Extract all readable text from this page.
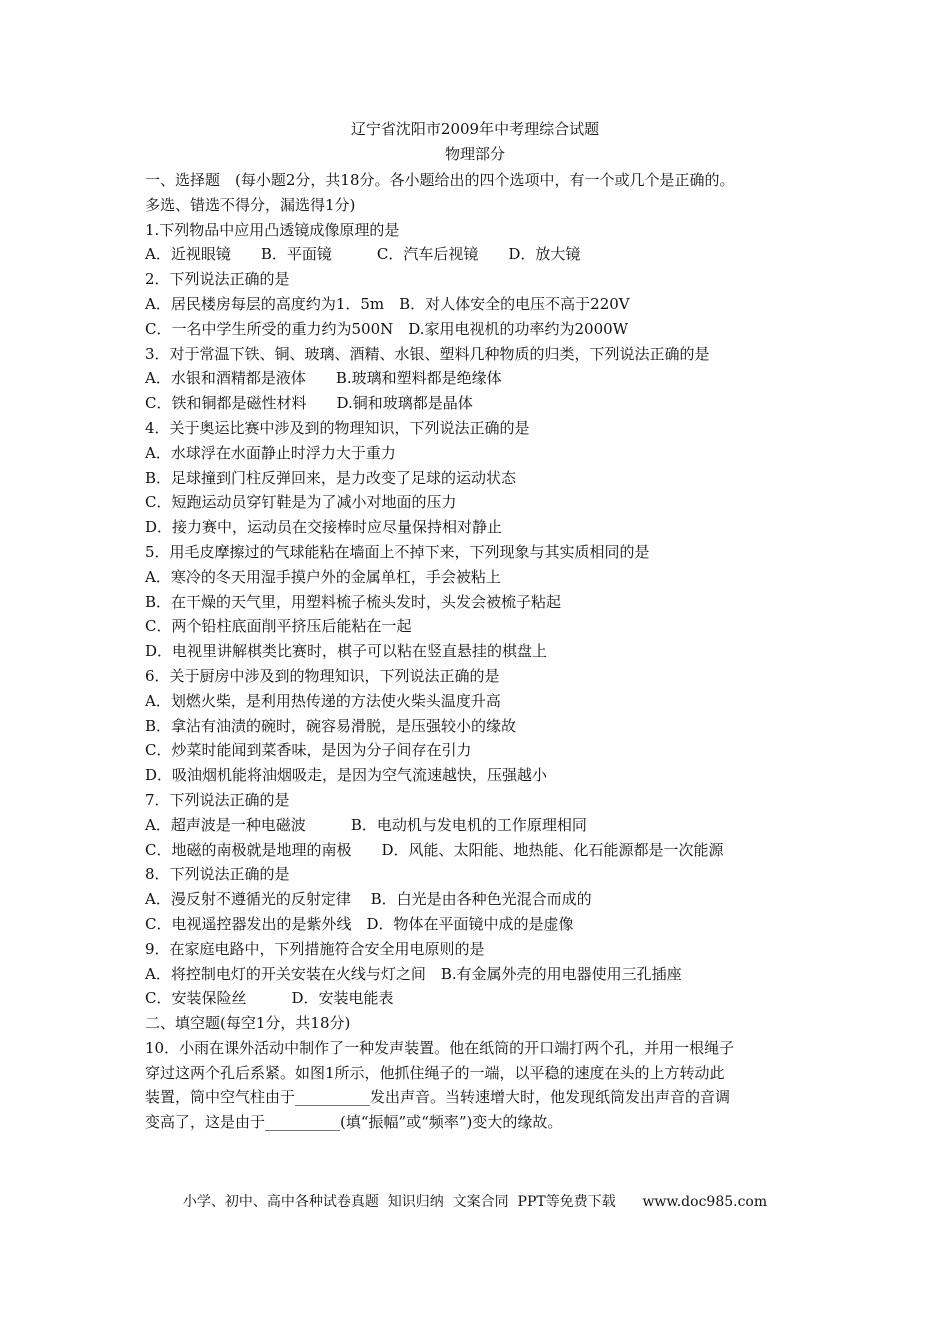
辽宁省沈阳市2009年中考理综合试题
物理部分
一、选择题　(每小题2分，共18分。各小题给出的四个选项中，有一个或几个是正确的。
多选、错选不得分，漏选得1分)
1.下列物品中应用凸透镜成像原理的是
A．近视眼镜　　B．平面镜　　　C．汽车后视镜　　D．放大镜
2．下列说法正确的是
A．居民楼房每层的高度约为1．5m　B．对人体安全的电压不高于220V
C．一名中学生所受的重力约为500N　D.家用电视机的功率约为2000W
3．对于常温下铁、铜、玻璃、酒精、水银、塑料几种物质的归类，下列说法正确的是
A．水银和酒精都是液体　　B.玻璃和塑料都是绝缘体
C．铁和铜都是磁性材料　　D.铜和玻璃都是晶体
4．关于奥运比赛中涉及到的物理知识，下列说法正确的是
A．水球浮在水面静止时浮力大于重力
B．足球撞到门柱反弹回来，是力改变了足球的运动状态
C．短跑运动员穿钉鞋是为了减小对地面的压力
D．接力赛中，运动员在交接棒时应尽量保持相对静止
5．用毛皮摩擦过的气球能粘在墙面上不掉下来，下列现象与其实质相同的是
A．寒冷的冬天用湿手摸户外的金属单杠，手会被粘上
B．在干燥的天气里，用塑料梳子梳头发时，头发会被梳子粘起
C．两个铅柱底面削平挤压后能粘在一起
D．电视里讲解棋类比赛时，棋子可以粘在竖直悬挂的棋盘上
6．关于厨房中涉及到的物理知识，下列说法正确的是
A．划燃火柴，是利用热传递的方法使火柴头温度升高
B．拿沾有油渍的碗时，碗容易滑脱，是压强较小的缘故
C．炒菜时能闻到菜香味，是因为分子间存在引力
D．吸油烟机能将油烟吸走，是因为空气流速越快，压强越小
7．下列说法正确的是
A．超声波是一种电磁波　　　B．电动机与发电机的工作原理相同
C．地磁的南极就是地理的南极　　D．风能、太阳能、地热能、化石能源都是一次能源
8．下列说法正确的是
A．漫反射不遵循光的反射定律　 B．白光是由各种色光混合而成的
C．电视遥控器发出的是紫外线　D．物体在平面镜中成的是虚像
9．在家庭电路中，下列措施符合安全用电原则的是
A．将控制电灯的开关安装在火线与灯之间　B.有金属外壳的用电器使用三孔插座
C．安装保险丝　　　D．安装电能表
二、填空题(每空1分，共18分)
10．小雨在课外活动中制作了一种发声装置。他在纸筒的开口端打两个孔，并用一根绳子
穿过这两个孔后系紧。如图1所示，他抓住绳子的一端，以平稳的速度在头的上方转动此
装置，筒中空气柱由于__________发出声音。当转速增大时，他发现纸筒发出声音的音调
变高了，这是由于__________(填“振幅”或“频率”)变大的缘故。
小学、初中、高中各种试卷真题  知识归纳  文案合同  PPT等免费下载      www.doc985.com
